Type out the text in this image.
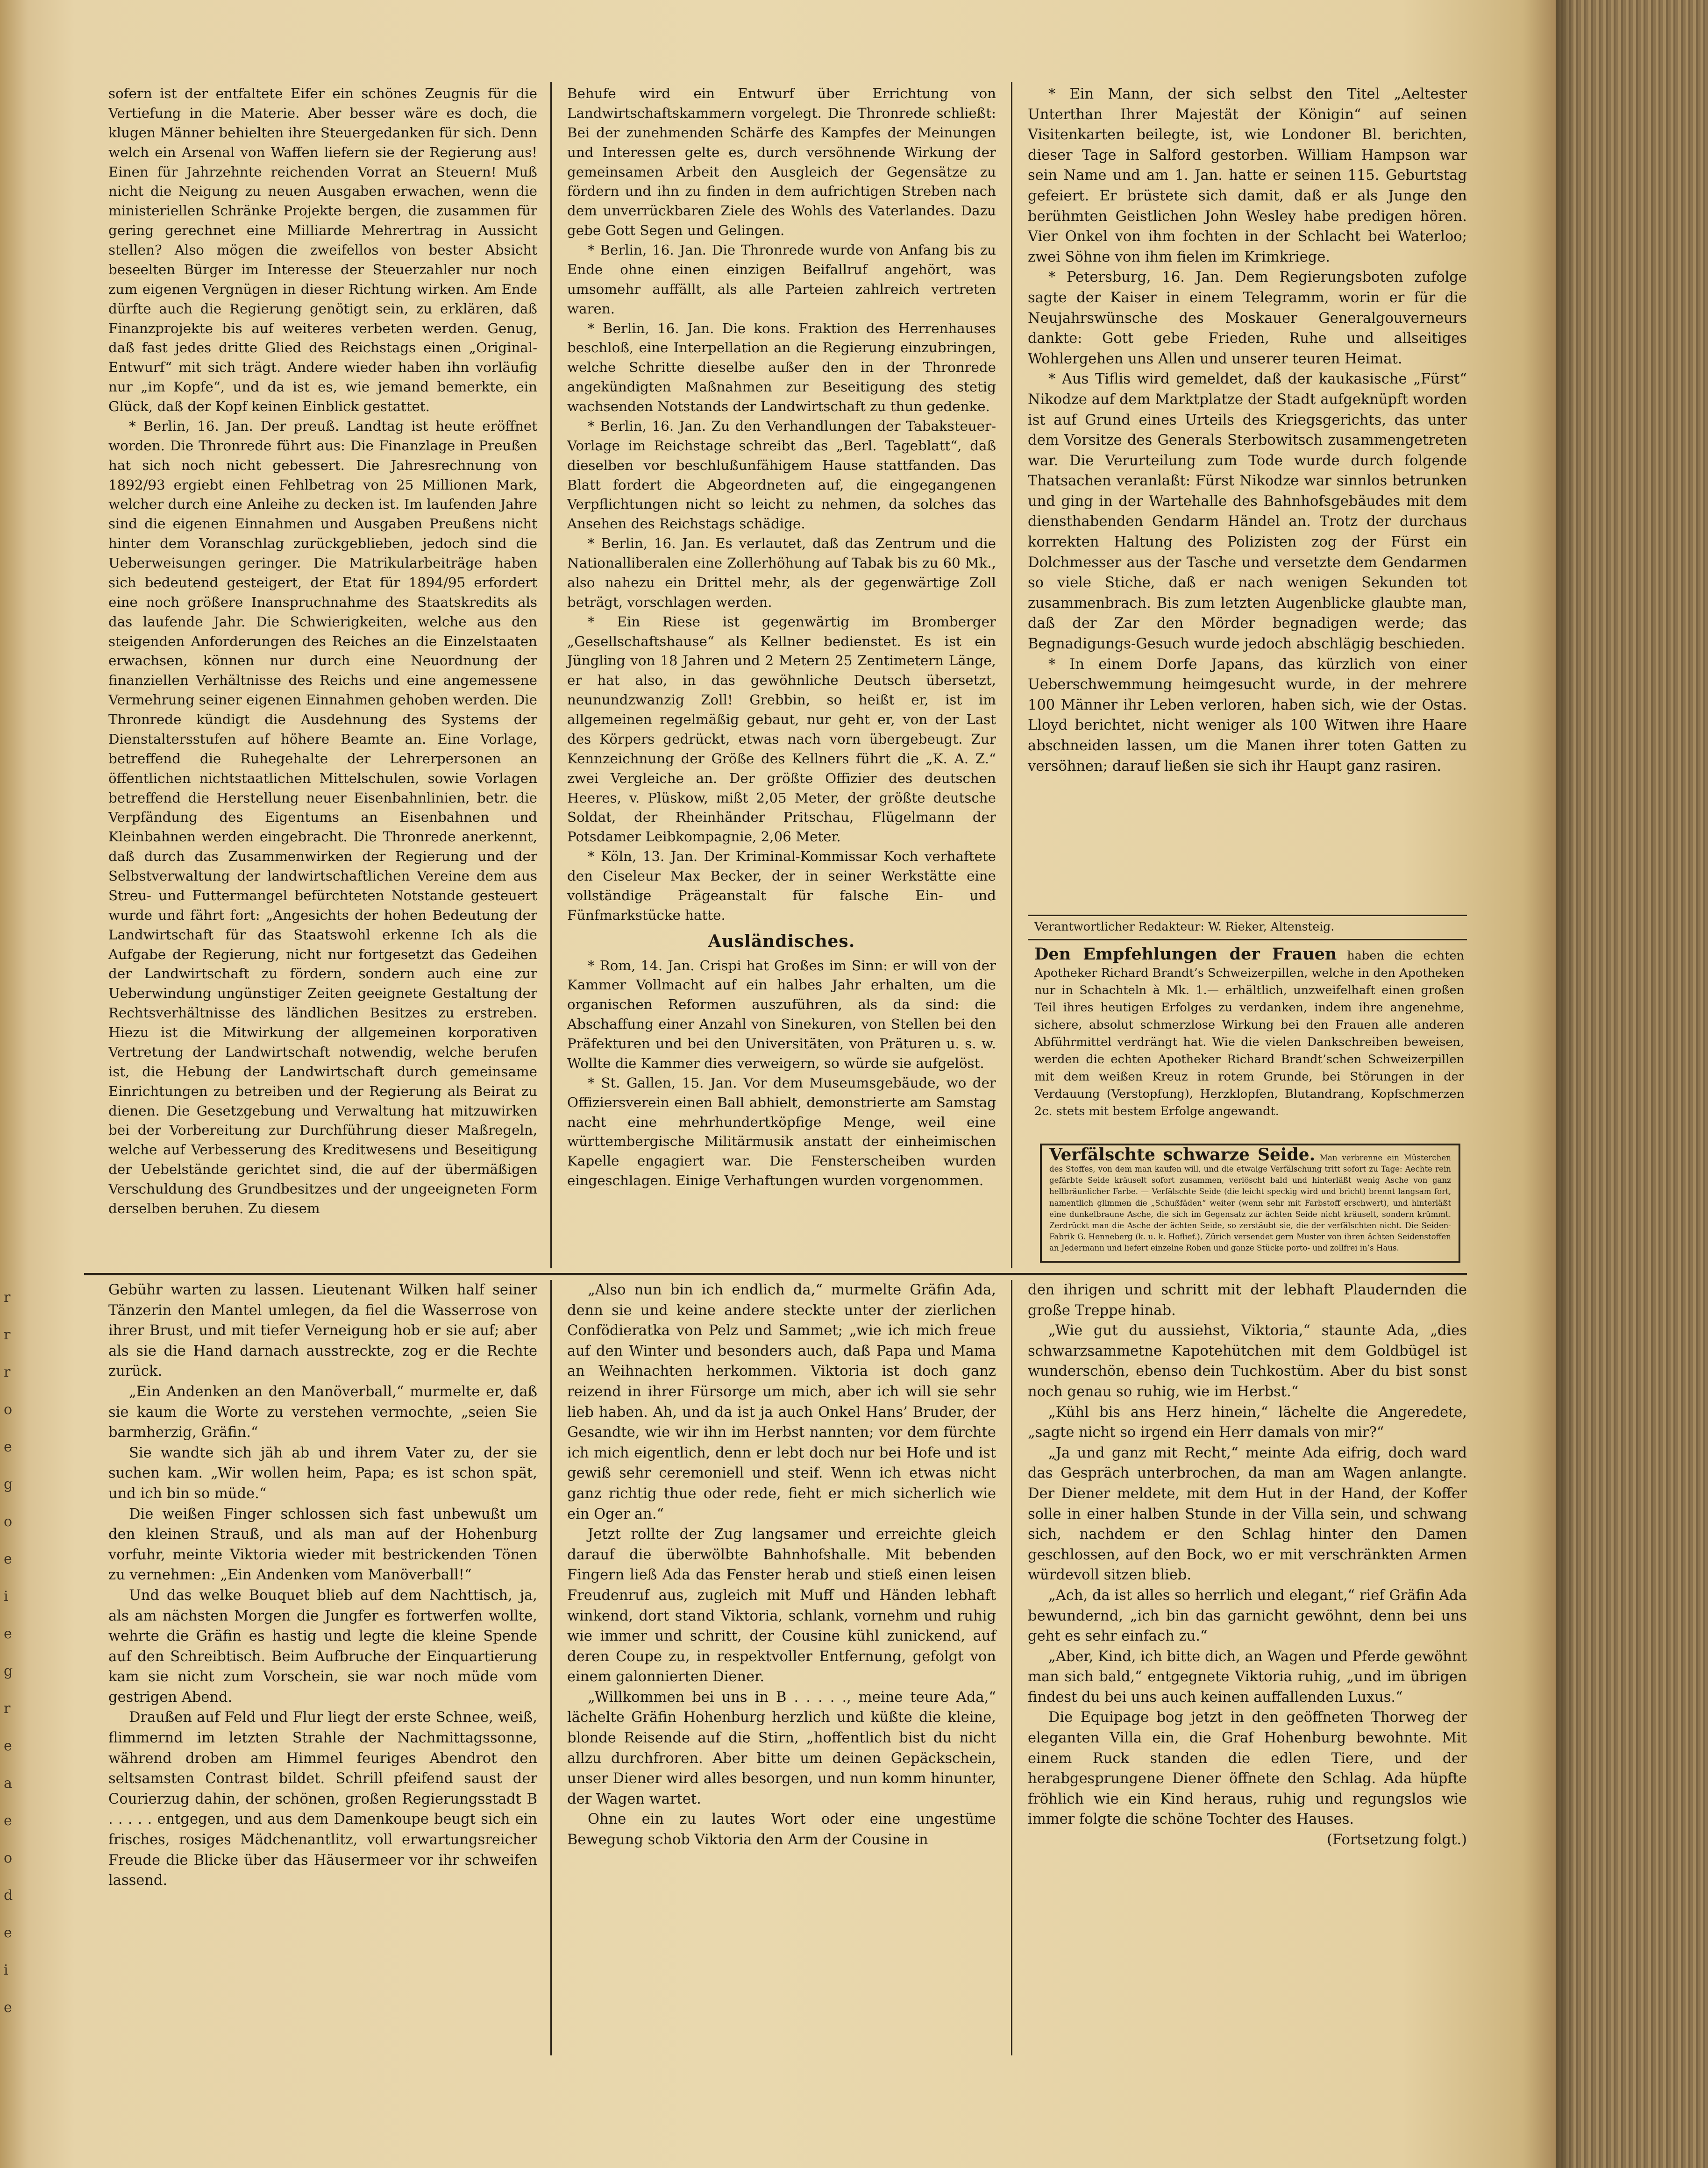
sofern ist der entfaltete Eifer ein schönes Zeugnis für die Vertiefung in die Materie. Aber besser wäre es doch, die klugen Männer behielten ihre Steuergedanken für sich. Denn welch ein Arsenal von Waffen liefern sie der Regierung aus! Einen für Jahrzehnte reichenden Vorrat an Steuern! Muß nicht die Neigung zu neuen Ausgaben erwachen, wenn die ministeriellen Schränke Projekte bergen, die zusammen für gering gerechnet eine Milliarde Mehrertrag in Aussicht stellen? Also mögen die zweifellos von bester Absicht beseelten Bürger im Interesse der Steuerzahler nur noch zum eigenen Vergnügen in dieser Richtung wirken. Am Ende dürfte auch die Regierung genötigt sein, zu erklären, daß Finanzprojekte bis auf weiteres verbeten werden. Genug, daß fast jedes dritte Glied des Reichstags einen „Original-Entwurf“ mit sich trägt. Andere wieder haben ihn vorläufig nur „im Kopfe“, und da ist es, wie jemand bemerkte, ein Glück, daß der Kopf keinen Einblick gestattet.

* Berlin, 16. Jan. Der preuß. Landtag ist heute eröffnet worden. Die Thronrede führt aus: Die Finanzlage in Preußen hat sich noch nicht gebessert. Die Jahresrechnung von 1892/93 ergiebt einen Fehlbetrag von 25 Millionen Mark, welcher durch eine Anleihe zu decken ist. Im laufenden Jahre sind die eigenen Einnahmen und Ausgaben Preußens nicht hinter dem Voranschlag zurückgeblieben, jedoch sind die Ueberweisungen geringer. Die Matrikularbeiträge haben sich bedeutend gesteigert, der Etat für 1894/95 erfordert eine noch größere Inanspruchnahme des Staatskredits als das laufende Jahr. Die Schwierigkeiten, welche aus den steigenden Anforderungen des Reiches an die Einzelstaaten erwachsen, können nur durch eine Neuordnung der finanziellen Verhältnisse des Reichs und eine angemessene Vermehrung seiner eigenen Einnahmen gehoben werden. Die Thronrede kündigt die Ausdehnung des Systems der Dienstaltersstufen auf höhere Beamte an. Eine Vorlage, betreffend die Ruhegehalte der Lehrerpersonen an öffentlichen nichtstaatlichen Mittelschulen, sowie Vorlagen betreffend die Herstellung neuer Eisenbahnlinien, betr. die Verpfändung des Eigentums an Eisenbahnen und Kleinbahnen werden eingebracht. Die Thronrede anerkennt, daß durch das Zusammenwirken der Regierung und der Selbstverwaltung der landwirtschaftlichen Vereine dem aus Streu- und Futtermangel befürchteten Notstande gesteuert wurde und fährt fort: „Angesichts der hohen Bedeutung der Landwirtschaft für das Staatswohl erkenne Ich als die Aufgabe der Regierung, nicht nur fortgesetzt das Gedeihen der Landwirtschaft zu fördern, sondern auch eine zur Ueberwindung ungünstiger Zeiten geeignete Gestaltung der Rechtsverhältnisse des ländlichen Besitzes zu erstreben. Hiezu ist die Mitwirkung der allgemeinen korporativen Vertretung der Landwirtschaft notwendig, welche berufen ist, die Hebung der Landwirtschaft durch gemeinsame Einrichtungen zu betreiben und der Regierung als Beirat zu dienen. Die Gesetzgebung und Verwaltung hat mitzuwirken bei der Vorbereitung zur Durchführung dieser Maßregeln, welche auf Verbesserung des Kreditwesens und Beseitigung der Uebelstände gerichtet sind, die auf der übermäßigen Verschuldung des Grundbesitzes und der ungeeigneten Form derselben beruhen. Zu diesem

Behufe wird ein Entwurf über Errichtung von Landwirtschaftskammern vorgelegt. Die Thronrede schließt: Bei der zunehmenden Schärfe des Kampfes der Meinungen und Interessen gelte es, durch versöhnende Wirkung der gemeinsamen Arbeit den Ausgleich der Gegensätze zu fördern und ihn zu finden in dem aufrichtigen Streben nach dem unverrückbaren Ziele des Wohls des Vaterlandes. Dazu gebe Gott Segen und Gelingen.

* Berlin, 16. Jan. Die Thronrede wurde von Anfang bis zu Ende ohne einen einzigen Beifallruf angehört, was umsomehr auffällt, als alle Parteien zahlreich vertreten waren.

* Berlin, 16. Jan. Die kons. Fraktion des Herrenhauses beschloß, eine Interpellation an die Regierung einzubringen, welche Schritte dieselbe außer den in der Thronrede angekündigten Maßnahmen zur Beseitigung des stetig wachsenden Notstands der Landwirtschaft zu thun gedenke.

* Berlin, 16. Jan. Zu den Verhandlungen der Tabaksteuer-Vorlage im Reichstage schreibt das „Berl. Tageblatt“, daß dieselben vor beschlußunfähigem Hause stattfanden. Das Blatt fordert die Abgeordneten auf, die eingegangenen Verpflichtungen nicht so leicht zu nehmen, da solches das Ansehen des Reichstags schädige.

* Berlin, 16. Jan. Es verlautet, daß das Zentrum und die Nationalliberalen eine Zollerhöhung auf Tabak bis zu 60 Mk., also nahezu ein Drittel mehr, als der gegenwärtige Zoll beträgt, vorschlagen werden.

* Ein Riese ist gegenwärtig im Bromberger „Gesellschaftshause“ als Kellner bedienstet. Es ist ein Jüngling von 18 Jahren und 2 Metern 25 Zentimetern Länge, er hat also, in das gewöhnliche Deutsch übersetzt, neunundzwanzig Zoll! Grebbin, so heißt er, ist im allgemeinen regelmäßig gebaut, nur geht er, von der Last des Körpers gedrückt, etwas nach vorn übergebeugt. Zur Kennzeichnung der Größe des Kellners führt die „K. A. Z.“ zwei Vergleiche an. Der größte Offizier des deutschen Heeres, v. Plüskow, mißt 2,05 Meter, der größte deutsche Soldat, der Rheinhänder Pritschau, Flügelmann der Potsdamer Leibkompagnie, 2,06 Meter.

* Köln, 13. Jan. Der Kriminal-Kommissar Koch verhaftete den Ciseleur Max Becker, der in seiner Werkstätte eine vollständige Prägeanstalt für falsche Ein- und Fünfmarkstücke hatte.

Ausländisches.

* Rom, 14. Jan. Crispi hat Großes im Sinn: er will von der Kammer Vollmacht auf ein halbes Jahr erhalten, um die organischen Reformen auszuführen, als da sind: die Abschaffung einer Anzahl von Sinekuren, von Stellen bei den Präfekturen und bei den Universitäten, von Präturen u. s. w. Wollte die Kammer dies verweigern, so würde sie aufgelöst.

* St. Gallen, 15. Jan. Vor dem Museumsgebäude, wo der Offiziersverein einen Ball abhielt, demonstrierte am Samstag nacht eine mehrhundertköpfige Menge, weil eine württembergische Militärmusik anstatt der einheimischen Kapelle engagiert war. Die Fensterscheiben wurden eingeschlagen. Einige Verhaftungen wurden vorgenommen.

* Ein Mann, der sich selbst den Titel „Aeltester Unterthan Ihrer Majestät der Königin“ auf seinen Visitenkarten beilegte, ist, wie Londoner Bl. berichten, dieser Tage in Salford gestorben. William Hampson war sein Name und am 1. Jan. hatte er seinen 115. Geburtstag gefeiert. Er brüstete sich damit, daß er als Junge den berühmten Geistlichen John Wesley habe predigen hören. Vier Onkel von ihm fochten in der Schlacht bei Waterloo; zwei Söhne von ihm fielen im Krimkriege.

* Petersburg, 16. Jan. Dem Regierungsboten zufolge sagte der Kaiser in einem Telegramm, worin er für die Neujahrswünsche des Moskauer Generalgouverneurs dankte: Gott gebe Frieden, Ruhe und allseitiges Wohlergehen uns Allen und unserer teuren Heimat.

* Aus Tiflis wird gemeldet, daß der kaukasische „Fürst“ Nikodze auf dem Marktplatze der Stadt aufgeknüpft worden ist auf Grund eines Urteils des Kriegsgerichts, das unter dem Vorsitze des Generals Sterbowitsch zusammengetreten war. Die Verurteilung zum Tode wurde durch folgende Thatsachen veranlaßt: Fürst Nikodze war sinnlos betrunken und ging in der Wartehalle des Bahnhofsgebäudes mit dem diensthabenden Gendarm Händel an. Trotz der durchaus korrekten Haltung des Polizisten zog der Fürst ein Dolchmesser aus der Tasche und versetzte dem Gendarmen so viele Stiche, daß er nach wenigen Sekunden tot zusammenbrach. Bis zum letzten Augenblicke glaubte man, daß der Zar den Mörder begnadigen werde; das Begnadigungs-Gesuch wurde jedoch abschlägig beschieden.

* In einem Dorfe Japans, das kürzlich von einer Ueberschwemmung heimgesucht wurde, in der mehrere 100 Männer ihr Leben verloren, haben sich, wie der Ostas. Lloyd berichtet, nicht weniger als 100 Witwen ihre Haare abschneiden lassen, um die Manen ihrer toten Gatten zu versöhnen; darauf ließen sie sich ihr Haupt ganz rasiren.

Verantwortlicher Redakteur: W. Rieker, Altensteig.
Den Empfehlungen der Frauen haben die echten Apotheker Richard Brandt’s Schweizerpillen, welche in den Apotheken nur in Schachteln à Mk. 1.— erhältlich, unzweifelhaft einen großen Teil ihres heutigen Erfolges zu verdanken, indem ihre angenehme, sichere, absolut schmerzlose Wirkung bei den Frauen alle anderen Abführmittel verdrängt hat. Wie die vielen Dankschreiben beweisen, werden die echten Apotheker Richard Brandt’schen Schweizerpillen mit dem weißen Kreuz in rotem Grunde, bei Störungen in der Verdauung (Verstopfung), Herzklopfen, Blutandrang, Kopfschmerzen 2c. stets mit bestem Erfolge angewandt.

Verfälschte schwarze Seide. Man verbrenne ein Müsterchen des Stoffes, von dem man kaufen will, und die etwaige Verfälschung tritt sofort zu Tage: Aechte rein gefärbte Seide kräuselt sofort zusammen, verlöscht bald und hinterläßt wenig Asche von ganz hellbräunlicher Farbe. — Verfälschte Seide (die leicht speckig wird und bricht) brennt langsam fort, namentlich glimmen die „Schußfäden“ weiter (wenn sehr mit Farbstoff erschwert), und hinterläßt eine dunkelbraune Asche, die sich im Gegensatz zur ächten Seide nicht kräuselt, sondern krümmt. Zerdrückt man die Asche der ächten Seide, so zerstäubt sie, die der verfälschten nicht. Die Seiden-Fabrik G. Henneberg (k. u. k. Hoflief.), Zürich versendet gern Muster von ihren ächten Seidenstoffen an Jedermann und liefert einzelne Roben und ganze Stücke porto- und zollfrei in’s Haus.

Gebühr warten zu lassen. Lieutenant Wilken half seiner Tänzerin den Mantel umlegen, da fiel die Wasserrose von ihrer Brust, und mit tiefer Verneigung hob er sie auf; aber als sie die Hand darnach ausstreckte, zog er die Rechte zurück.

„Ein Andenken an den Manöverball,“ murmelte er, daß sie kaum die Worte zu verstehen vermochte, „seien Sie barmherzig, Gräfin.“

Sie wandte sich jäh ab und ihrem Vater zu, der sie suchen kam. „Wir wollen heim, Papa; es ist schon spät, und ich bin so müde.“

Die weißen Finger schlossen sich fast unbewußt um den kleinen Strauß, und als man auf der Hohenburg vorfuhr, meinte Viktoria wieder mit bestrickenden Tönen zu vernehmen: „Ein Andenken vom Manöverball!“

Und das welke Bouquet blieb auf dem Nachttisch, ja, als am nächsten Morgen die Jungfer es fortwerfen wollte, wehrte die Gräfin es hastig und legte die kleine Spende auf den Schreibtisch. Beim Aufbruche der Einquartierung kam sie nicht zum Vorschein, sie war noch müde vom gestrigen Abend.

Draußen auf Feld und Flur liegt der erste Schnee, weiß, flimmernd im letzten Strahle der Nachmittagssonne, während droben am Himmel feuriges Abendrot den seltsamsten Contrast bildet. Schrill pfeifend saust der Courierzug dahin, der schönen, großen Regierungsstadt B . . . . . entgegen, und aus dem Damenkoupe beugt sich ein frisches, rosiges Mädchenantlitz, voll erwartungsreicher Freude die Blicke über das Häusermeer vor ihr schweifen lassend.

„Also nun bin ich endlich da,“ murmelte Gräfin Ada, denn sie und keine andere steckte unter der zierlichen Confödieratka von Pelz und Sammet; „wie ich mich freue auf den Winter und besonders auch, daß Papa und Mama an Weihnachten herkommen. Viktoria ist doch ganz reizend in ihrer Fürsorge um mich, aber ich will sie sehr lieb haben. Ah, und da ist ja auch Onkel Hans’ Bruder, der Gesandte, wie wir ihn im Herbst nannten; vor dem fürchte ich mich eigentlich, denn er lebt doch nur bei Hofe und ist gewiß sehr ceremoniell und steif. Wenn ich etwas nicht ganz richtig thue oder rede, fieht er mich sicherlich wie ein Oger an.“

Jetzt rollte der Zug langsamer und erreichte gleich darauf die überwölbte Bahnhofshalle. Mit bebenden Fingern ließ Ada das Fenster herab und stieß einen leisen Freudenruf aus, zugleich mit Muff und Händen lebhaft winkend, dort stand Viktoria, schlank, vornehm und ruhig wie immer und schritt, der Cousine kühl zunickend, auf deren Coupe zu, in respektvoller Entfernung, gefolgt von einem galonnierten Diener.

„Willkommen bei uns in B . . . . ., meine teure Ada,“ lächelte Gräfin Hohenburg herzlich und küßte die kleine, blonde Reisende auf die Stirn, „hoffentlich bist du nicht allzu durchfroren. Aber bitte um deinen Gepäckschein, unser Diener wird alles besorgen, und nun komm hinunter, der Wagen wartet.

Ohne ein zu lautes Wort oder eine ungestüme Bewegung schob Viktoria den Arm der Cousine in

den ihrigen und schritt mit der lebhaft Plaudernden die große Treppe hinab.

„Wie gut du aussiehst, Viktoria,“ staunte Ada, „dies schwarzsammetne Kapotehütchen mit dem Goldbügel ist wunderschön, ebenso dein Tuchkostüm. Aber du bist sonst noch genau so ruhig, wie im Herbst.“

„Kühl bis ans Herz hinein,“ lächelte die Angeredete, „sagte nicht so irgend ein Herr damals von mir?“

„Ja und ganz mit Recht,“ meinte Ada eifrig, doch ward das Gespräch unterbrochen, da man am Wagen anlangte. Der Diener meldete, mit dem Hut in der Hand, der Koffer solle in einer halben Stunde in der Villa sein, und schwang sich, nachdem er den Schlag hinter den Damen geschlossen, auf den Bock, wo er mit verschränkten Armen würdevoll sitzen blieb.

„Ach, da ist alles so herrlich und elegant,“ rief Gräfin Ada bewundernd, „ich bin das garnicht gewöhnt, denn bei uns geht es sehr einfach zu.“

„Aber, Kind, ich bitte dich, an Wagen und Pferde gewöhnt man sich bald,“ entgegnete Viktoria ruhig, „und im übrigen findest du bei uns auch keinen auffallenden Luxus.“

Die Equipage bog jetzt in den geöffneten Thorweg der eleganten Villa ein, die Graf Hohenburg bewohnte. Mit einem Ruck standen die edlen Tiere, und der herabgesprungene Diener öffnete den Schlag. Ada hüpfte fröhlich wie ein Kind heraus, ruhig und regungslos wie immer folgte die schöne Tochter des Hauses.

(Fortsetzung folgt.)

r
r
r
o
e
g
o
e
i
e
g
r
e
a
e
o
d
e
i
e
